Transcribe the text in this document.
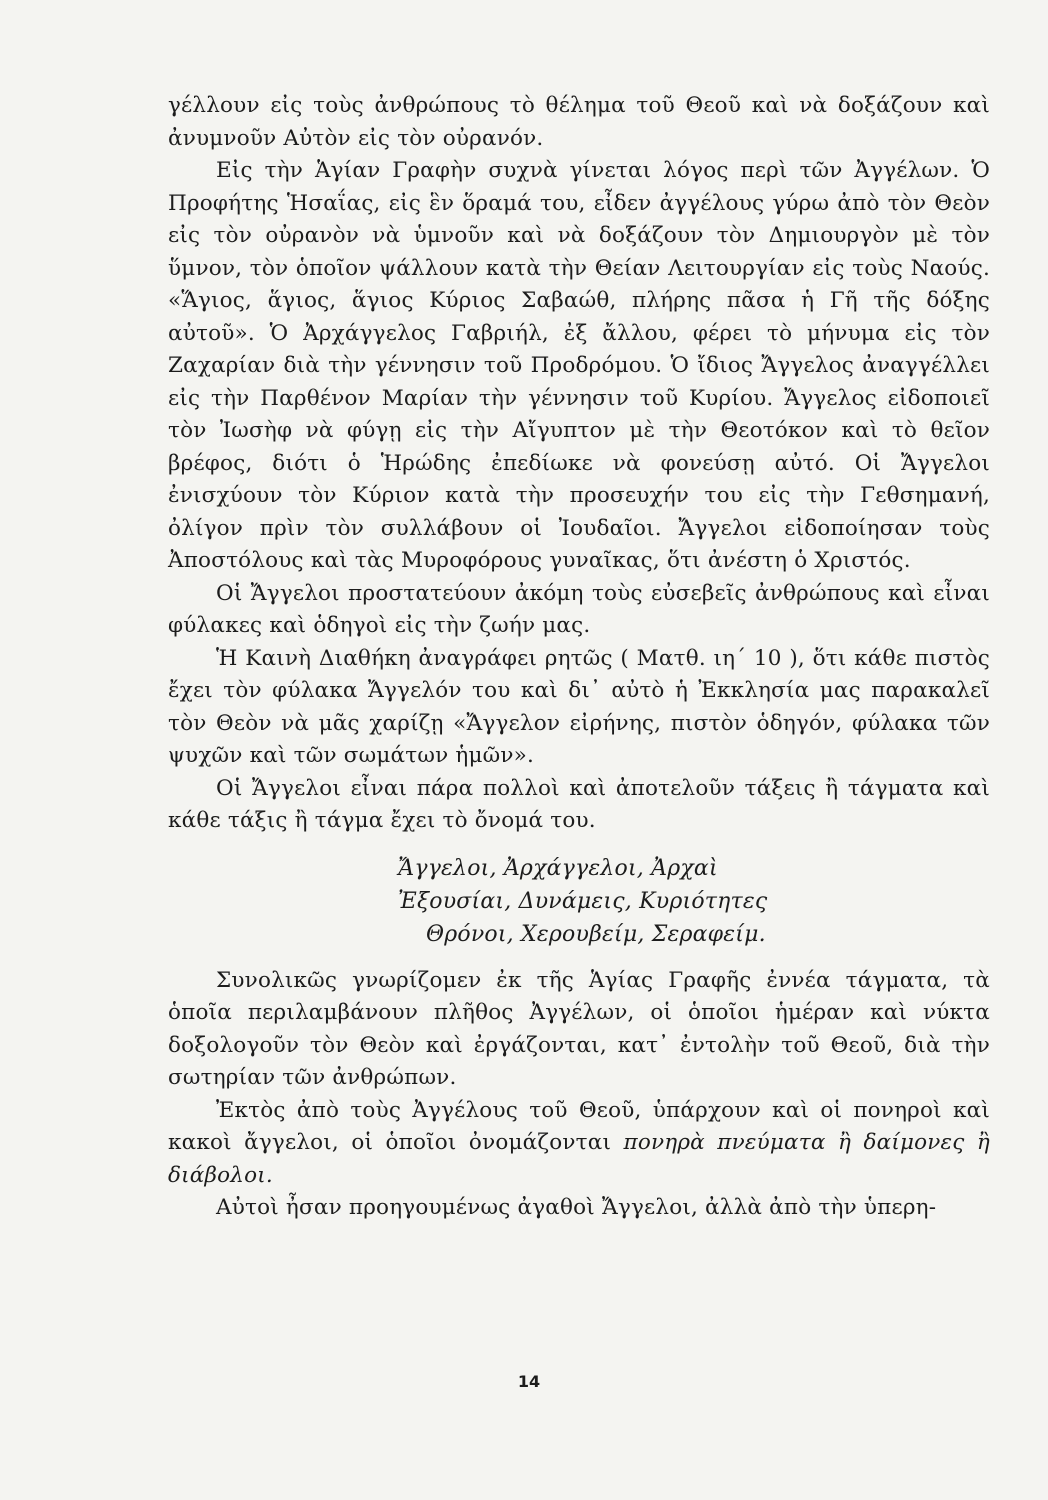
γέλλουν εἰς τοὺς ἀνθρώπους τὸ θέλημα τοῦ Θεοῦ καὶ νὰ δοξάζουν καὶ ἀνυμνοῦν Αὐτὸν εἰς τὸν οὐρανόν.

Εἰς τὴν Ἁγίαν Γραφὴν συχνὰ γίνεται λόγος περὶ τῶν Ἀγγέλων. Ὁ Προφήτης Ἡσαΐας, εἰς ἓν ὅραμά του, εἶδεν ἀγγέλους γύρω ἀπὸ τὸν Θεὸν εἰς τὸν οὐρανὸν νὰ ὑμνοῦν καὶ νὰ δοξάζουν τὸν Δημιουργὸν μὲ τὸν ὕμνον, τὸν ὁποῖον ψάλλουν κατὰ τὴν Θείαν Λειτουργίαν εἰς τοὺς Ναούς. «Ἅγιος, ἅγιος, ἅγιος Κύριος Σαβαώθ, πλήρης πᾶσα ἡ Γῆ τῆς δόξης αὐτοῦ». Ὁ Ἀρχάγγελος Γαβριήλ, ἐξ ἄλλου, φέρει τὸ μήνυμα εἰς τὸν Ζαχαρίαν διὰ τὴν γέννησιν τοῦ Προδρόμου. Ὁ ἴδιος Ἄγγελος ἀναγγέλλει εἰς τὴν Παρθένον Μαρίαν τὴν γέννησιν τοῦ Κυρίου. Ἄγγελος εἰδοποιεῖ τὸν Ἰωσὴφ νὰ φύγῃ εἰς τὴν Αἴγυπτον μὲ τὴν Θεοτόκον καὶ τὸ θεῖον βρέφος, διότι ὁ Ἡρώδης ἐπεδίωκε νὰ φονεύσῃ αὐτό. Οἱ Ἄγγελοι ἐνισχύουν τὸν Κύριον κατὰ τὴν προσευχήν του εἰς τὴν Γεθσημανή, ὀλίγον πρὶν τὸν συλλάβουν οἱ Ἰουδαῖοι. Ἄγγελοι εἰδοποίησαν τοὺς Ἀποστόλους καὶ τὰς Μυροφόρους γυναῖκας, ὅτι ἀνέστη ὁ Χριστός.

Οἱ Ἄγγελοι προστατεύουν ἀκόμη τοὺς εὐσεβεῖς ἀνθρώπους καὶ εἶναι φύλακες καὶ ὁδηγοὶ εἰς τὴν ζωήν μας.

Ἡ Καινὴ Διαθήκη ἀναγράφει ρητῶς ( Ματθ. ιη΄ 10 ), ὅτι κάθε πιστὸς ἔχει τὸν φύλακα Ἄγγελόν του καὶ δι᾽ αὐτὸ ἡ Ἐκκλησία μας παρακαλεῖ τὸν Θεὸν νὰ μᾶς χαρίζῃ «Ἄγγελον εἰρήνης, πιστὸν ὁδηγόν, φύλακα τῶν ψυχῶν καὶ τῶν σωμάτων ἡμῶν».

Οἱ Ἄγγελοι εἶναι πάρα πολλοὶ καὶ ἀποτελοῦν τάξεις ἢ τάγματα καὶ κάθε τάξις ἢ τάγμα ἔχει τὸ ὄνομά του.

Ἄγγελοι, Ἀρχάγγελοι, Ἀρχαὶ
Ἐξουσίαι, Δυνάμεις, Κυριότητες
Θρόνοι, Χερουβείμ, Σεραφείμ.

Συνολικῶς γνωρίζομεν ἐκ τῆς Ἁγίας Γραφῆς ἐννέα τάγματα, τὰ ὁποῖα περιλαμβάνουν πλῆθος Ἀγγέλων, οἱ ὁποῖοι ἡμέραν καὶ νύκτα δοξολογοῦν τὸν Θεὸν καὶ ἐργάζονται, κατ᾽ ἐντολὴν τοῦ Θεοῦ, διὰ τὴν σωτηρίαν τῶν ἀνθρώπων.

Ἐκτὸς ἀπὸ τοὺς Ἀγγέλους τοῦ Θεοῦ, ὑπάρχουν καὶ οἱ πονηροὶ καὶ κακοὶ ἄγγελοι, οἱ ὁποῖοι ὀνομάζονται πονηρὰ πνεύματα ἢ δαίμονες ἢ διάβολοι.

Αὐτοὶ ἦσαν προηγουμένως ἀγαθοὶ Ἄγγελοι, ἀλλὰ ἀπὸ τὴν ὑπερη-

14
